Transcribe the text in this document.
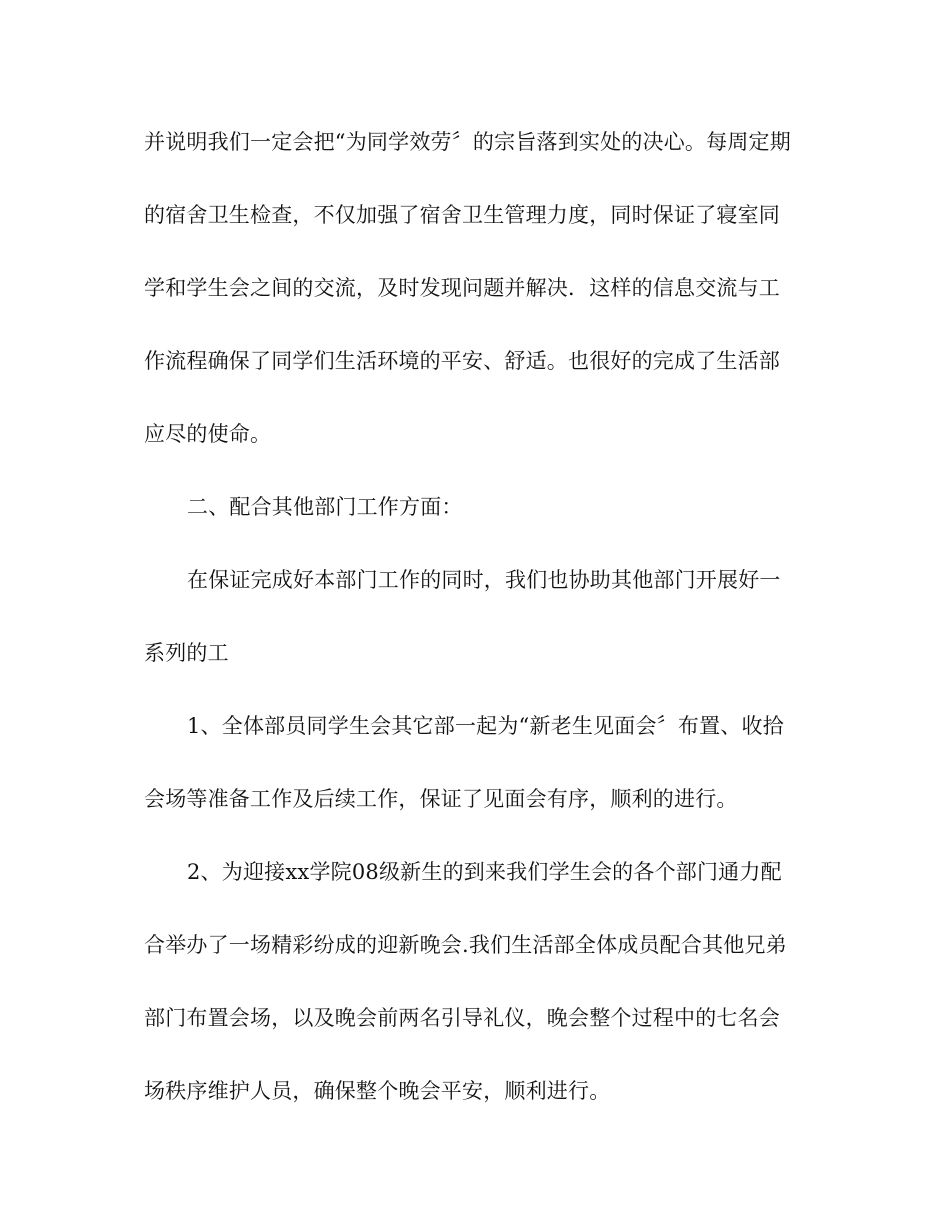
并说明我们一定会把“为同学效劳〞的宗旨落到实处的决心。每周定期
的宿舍卫生检查，不仅加强了宿舍卫生管理力度，同时保证了寝室同
学和学生会之间的交流，及时发现问题并解决．这样的信息交流与工
作流程确保了同学们生活环境的平安、舒适。也很好的完成了生活部
应尽的使命。
二、配合其他部门工作方面：
在保证完成好本部门工作的同时，我们也协助其他部门开展好一
系列的工
1、全体部员同学生会其它部一起为“新老生见面会〞布置、收拾
会场等准备工作及后续工作，保证了见面会有序，顺利的进行。
2、为迎接xx学院08级新生的到来我们学生会的各个部门通力配
合举办了一场精彩纷成的迎新晚会.我们生活部全体成员配合其他兄弟
部门布置会场，以及晚会前两名引导礼仪，晚会整个过程中的七名会
场秩序维护人员，确保整个晚会平安，顺利进行。
